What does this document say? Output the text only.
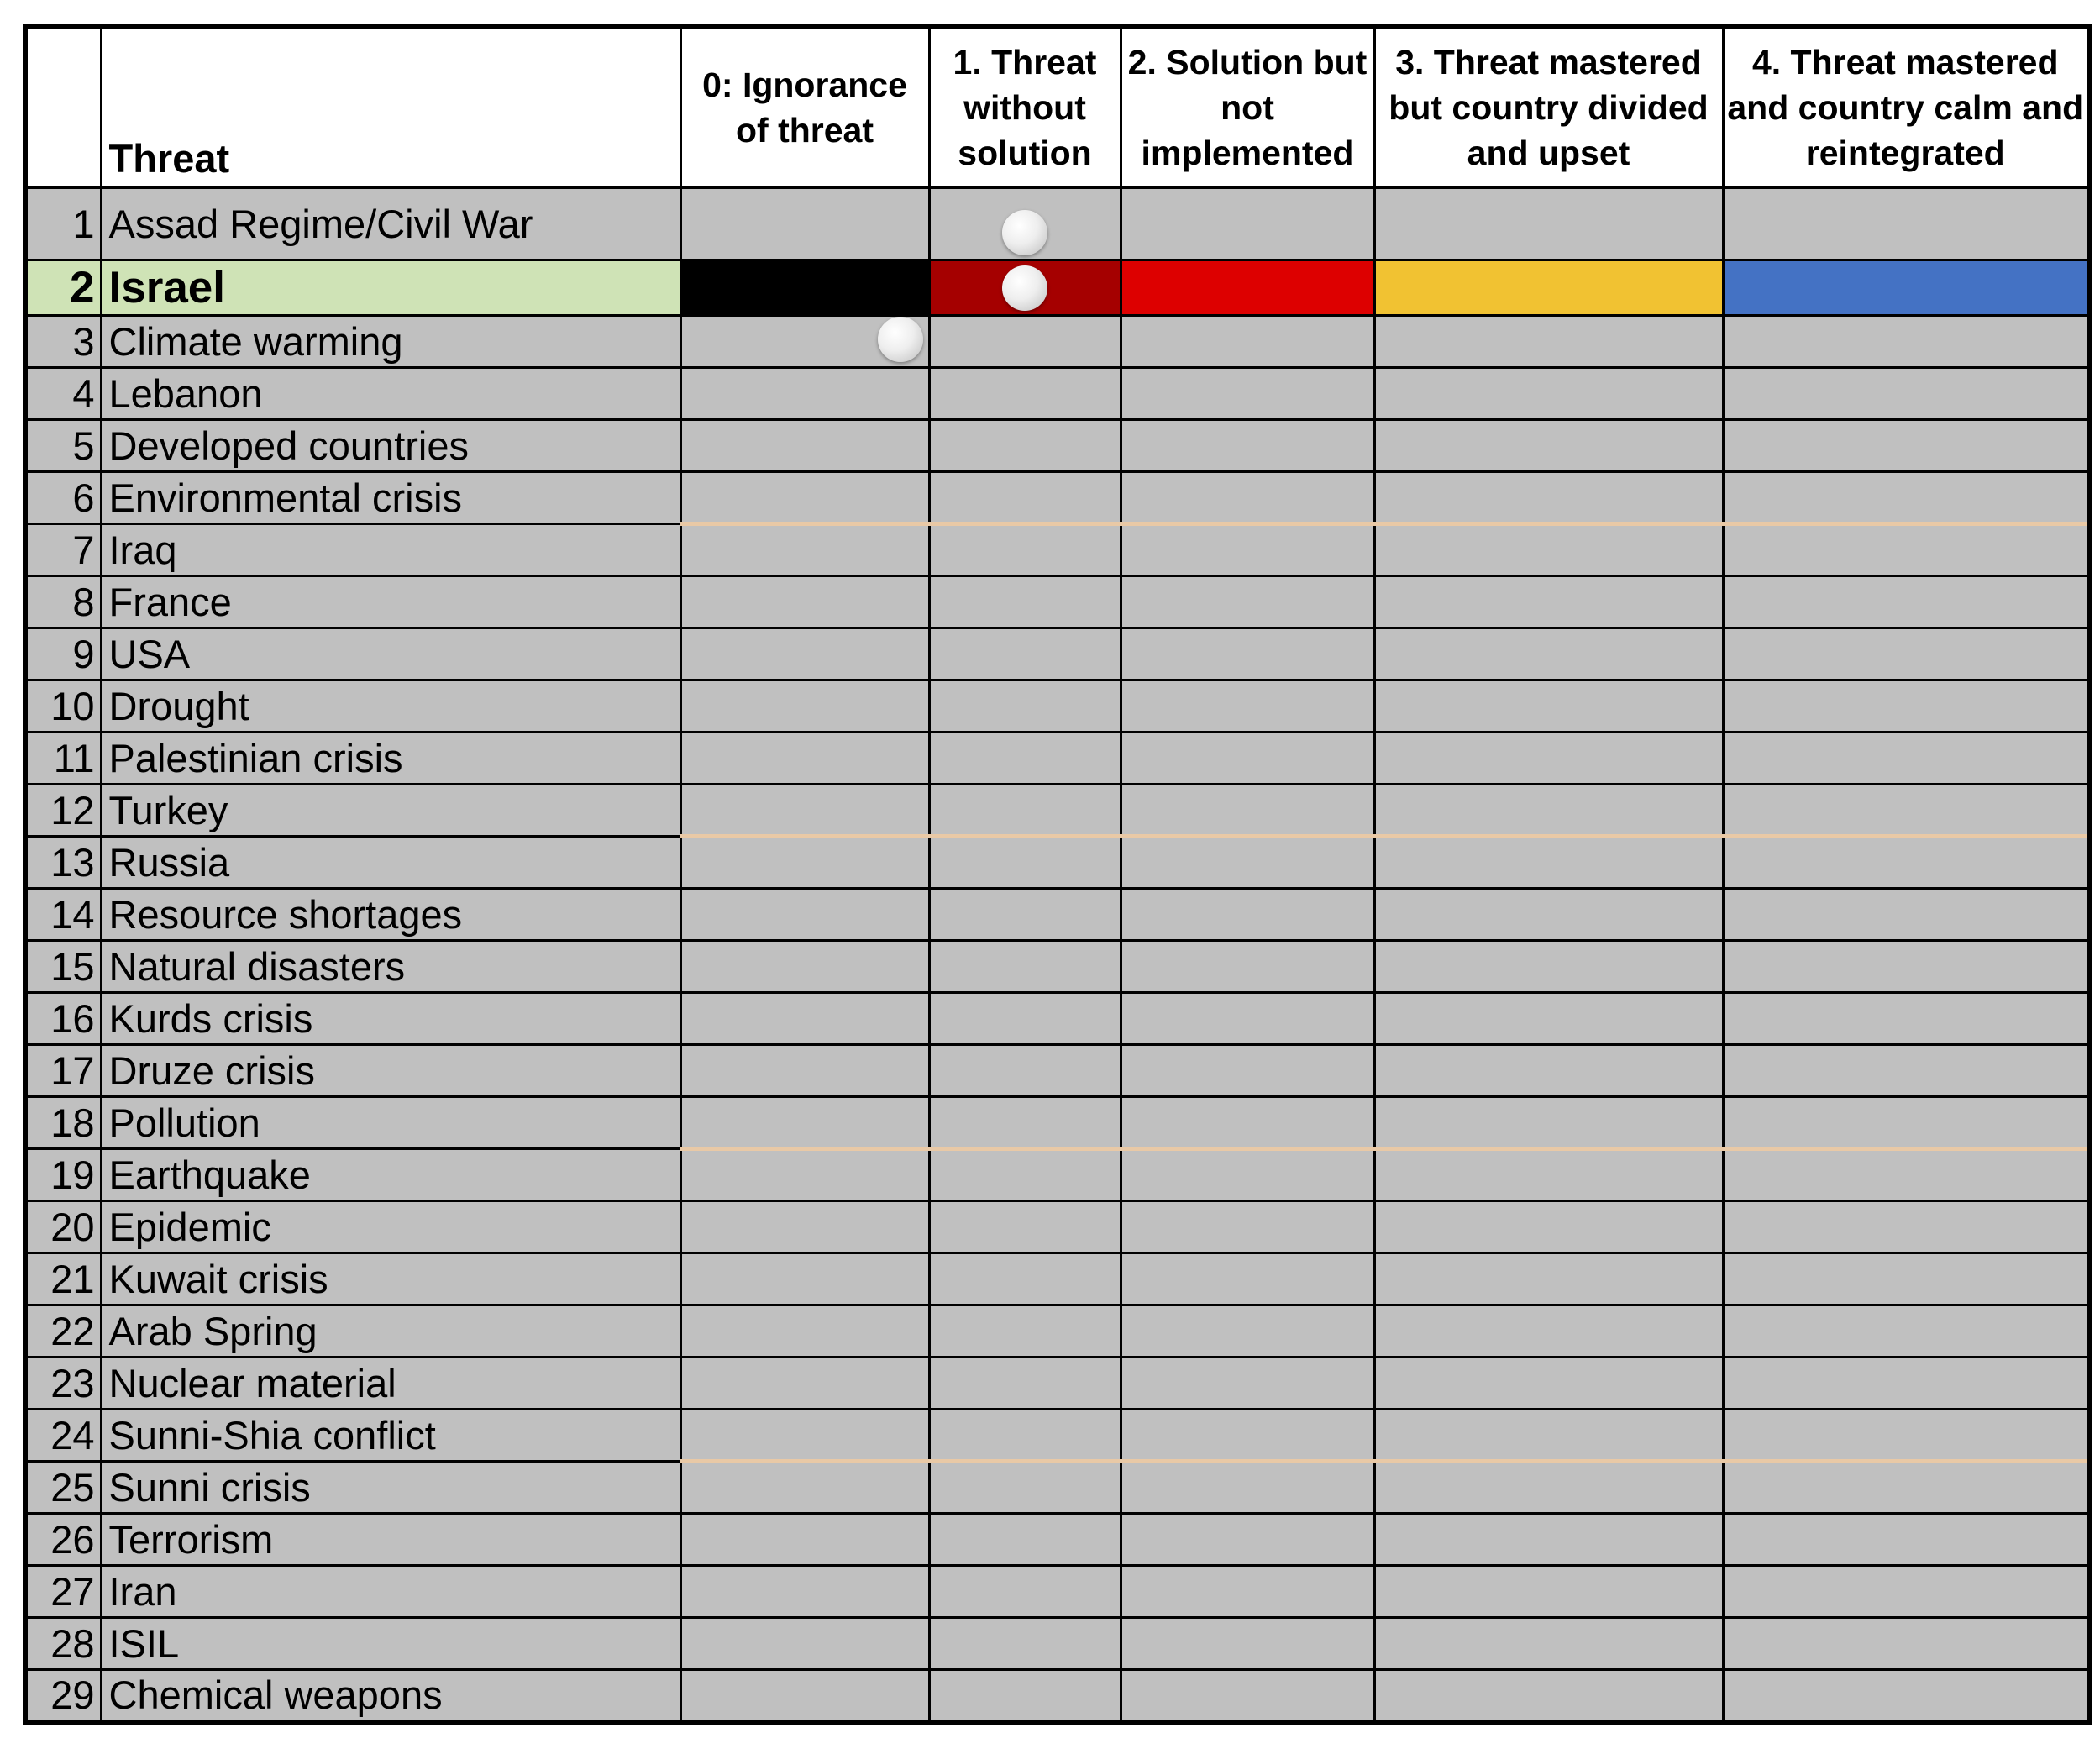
	Threat	0: Ignorance of threat	1. Threat without solution	2. Solution but not implemented	3. Threat mastered but country divided and upset	4. Threat mastered and country calm and reintegrated
1	Assad Regime/Civil War		

2	Israel		

3	Climate warming	

4	Lebanon					
5	Developed countries					
6	Environmental crisis					
7	Iraq					
8	France					
9	USA					
10	Drought					
11	Palestinian crisis					
12	Turkey					
13	Russia					
14	Resource shortages					
15	Natural disasters					
16	Kurds crisis					
17	Druze crisis					
18	Pollution					
19	Earthquake					
20	Epidemic					
21	Kuwait crisis					
22	Arab Spring					
23	Nuclear material					
24	Sunni-Shia conflict					
25	Sunni crisis					
26	Terrorism					
27	Iran					
28	ISIL					
29	Chemical weapons					
